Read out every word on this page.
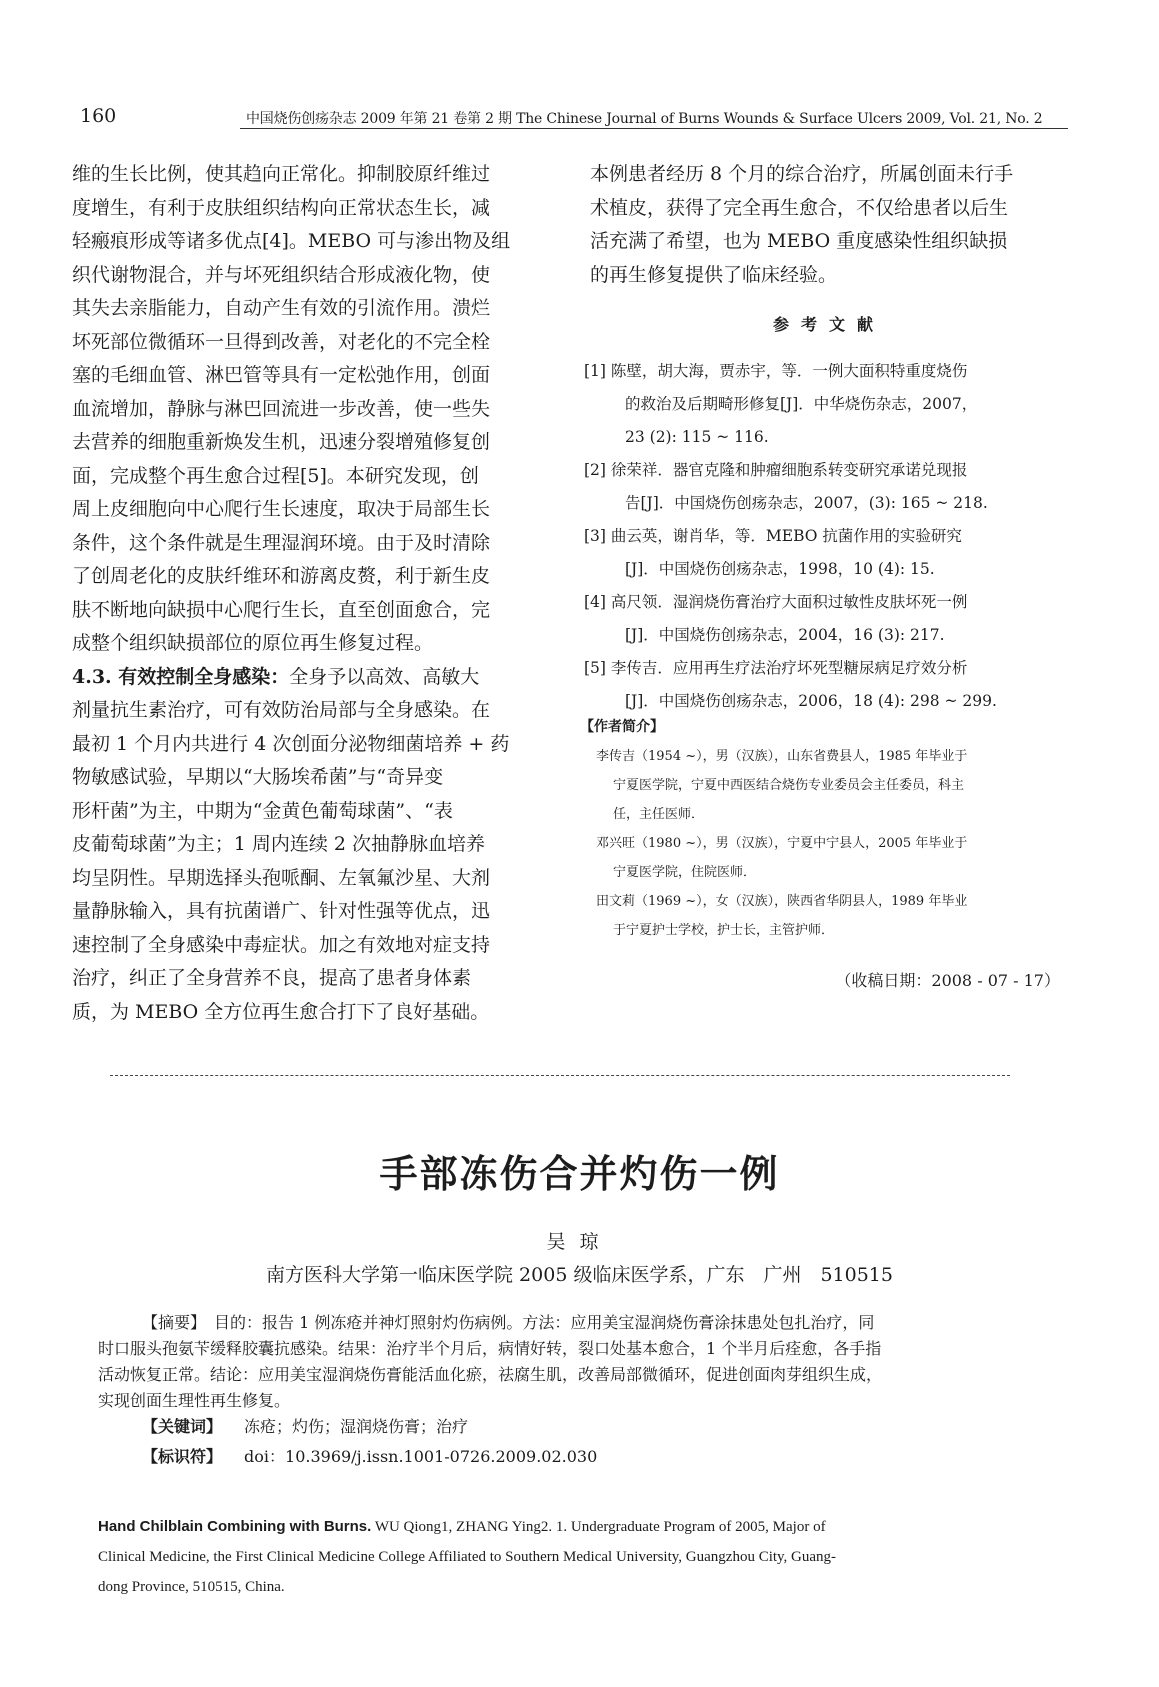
160	中国烧伤创疡杂志 2009 年第 21 卷第 2 期 The Chinese Journal of Burns Wounds & Surface Ulcers 2009, Vol. 21, No. 2

维的生长比例，使其趋向正常化。抑制胶原纤维过

度增生，有利于皮肤组织结构向正常状态生长，减

轻瘢痕形成等诸多优点[4]。MEBO 可与渗出物及组

织代谢物混合，并与坏死组织结合形成液化物，使

其失去亲脂能力，自动产生有效的引流作用。溃烂

坏死部位微循环一旦得到改善，对老化的不完全栓

塞的毛细血管、淋巴管等具有一定松弛作用，创面

血流增加，静脉与淋巴回流进一步改善，使一些失

去营养的细胞重新焕发生机，迅速分裂增殖修复创

面，完成整个再生愈合过程[5]。本研究发现，创

周上皮细胞向中心爬行生长速度，取决于局部生长

条件，这个条件就是生理湿润环境。由于及时清除

了创周老化的皮肤纤维环和游离皮赘，利于新生皮

肤不断地向缺损中心爬行生长，直至创面愈合，完

成整个组织缺损部位的原位再生修复过程。

4.3. 有效控制全身感染：全身予以高效、高敏大

剂量抗生素治疗，可有效防治局部与全身感染。在

最初 1 个月内共进行 4 次创面分泌物细菌培养 + 药

物敏感试验，早期以“大肠埃希菌”与“奇异变

形杆菌”为主，中期为“金黄色葡萄球菌”、“表

皮葡萄球菌”为主；1 周内连续 2 次抽静脉血培养

均呈阴性。早期选择头孢哌酮、左氧氟沙星、大剂

量静脉输入，具有抗菌谱广、针对性强等优点，迅

速控制了全身感染中毒症状。加之有效地对症支持

治疗，纠正了全身营养不良，提高了患者身体素

质，为 MEBO 全方位再生愈合打下了良好基础。

本例患者经历 8 个月的综合治疗，所属创面未行手

术植皮，获得了完全再生愈合，不仅给患者以后生

活充满了希望，也为 MEBO 重度感染性组织缺损

的再生修复提供了临床经验。

参考文献

[1] 陈壁，胡大海，贾赤宇，等．一例大面积特重度烧伤

的救治及后期畸形修复[J]．中华烧伤杂志，2007，

23 (2): 115 ~ 116.

[2] 徐荣祥．器官克隆和肿瘤细胞系转变研究承诺兑现报

告[J]．中国烧伤创疡杂志，2007，(3): 165 ~ 218.

[3] 曲云英，谢肖华，等．MEBO 抗菌作用的实验研究

[J]．中国烧伤创疡杂志，1998，10 (4): 15.

[4] 高尺领．湿润烧伤膏治疗大面积过敏性皮肤坏死一例

[J]．中国烧伤创疡杂志，2004，16 (3): 217.

[5] 李传吉．应用再生疗法治疗坏死型糖尿病足疗效分析

[J]．中国烧伤创疡杂志，2006，18 (4): 298 ~ 299.

【作者简介】

李传吉（1954 ~），男（汉族），山东省费县人，1985 年毕业于

宁夏医学院，宁夏中西医结合烧伤专业委员会主任委员，科主

任，主任医师．

邓兴旺（1980 ~），男（汉族），宁夏中宁县人，2005 年毕业于

宁夏医学院，住院医师．

田文莉（1969 ~），女（汉族），陕西省华阴县人，1989 年毕业

于宁夏护士学校，护士长，主管护师．

（收稿日期：2008 - 07 - 17）
手部冻伤合并灼伤一例
吴琼
南方医科大学第一临床医学院 2005 级临床医学系，广东　广州　510515

【摘要】　目的：报告 1 例冻疮并神灯照射灼伤病例。方法：应用美宝湿润烧伤膏涂抹患处包扎治疗，同

时口服头孢氨苄缓释胶囊抗感染。结果：治疗半个月后，病情好转，裂口处基本愈合，1 个半月后痊愈，各手指

活动恢复正常。结论：应用美宝湿润烧伤膏能活血化瘀，祛腐生肌，改善局部微循环，促进创面肉芽组织生成，

实现创面生理性再生修复。

【关键词】 冻疮；灼伤；湿润烧伤膏；治疗
【标识符】 doi：10.3969/j.issn.1001-0726.2009.02.030

Hand Chilblain Combining with Burns. WU Qiong1, ZHANG Ying2. 1. Undergraduate Program of 2005, Major of

Clinical Medicine, the First Clinical Medicine College Affiliated to Southern Medical University, Guangzhou City, Guang-

dong Province, 510515, China.
